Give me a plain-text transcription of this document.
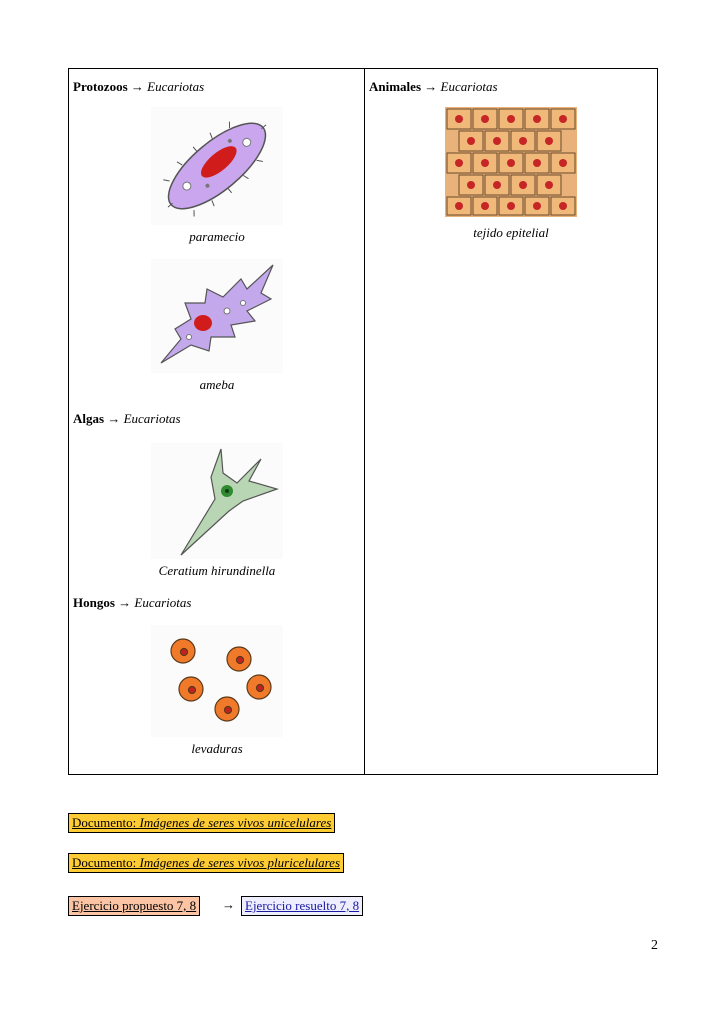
Protozoos → Eucariotas
paramecio
ameba
Algas → Eucariotas
Ceratium hirundinella
Hongos → Eucariotas
levaduras
Animales → Eucariotas
tejido epitelial
Documento: Imágenes de seres vivos unicelulares
Documento: Imágenes de seres vivos pluricelulares
Ejercicio propuesto 7, 8	→ Ejercicio resuelto 7, 8
2
